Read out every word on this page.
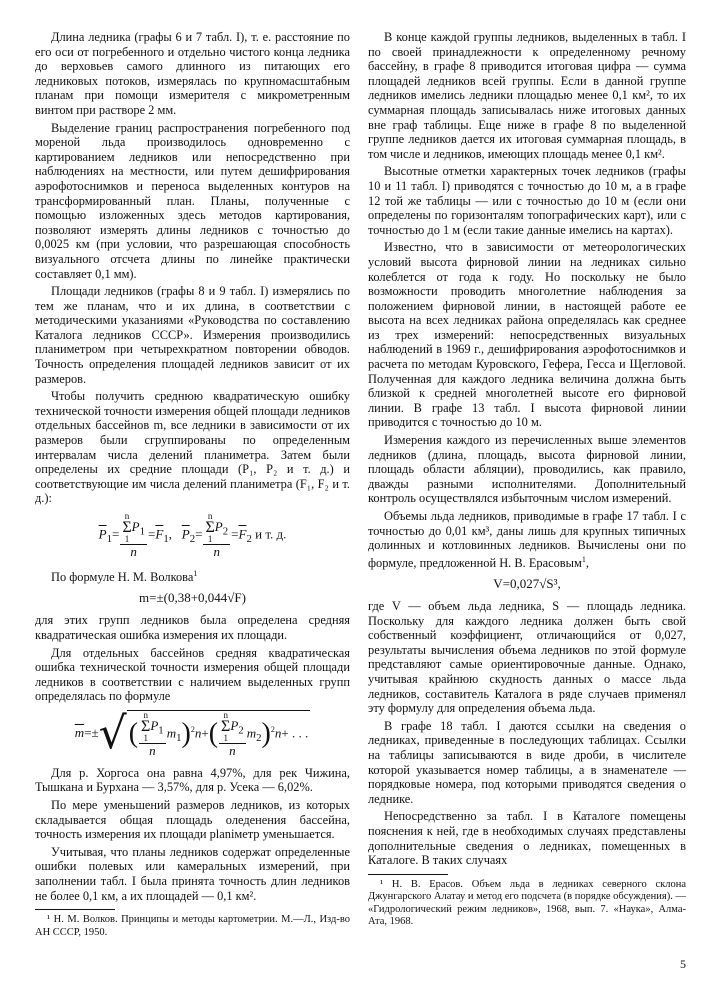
Длина ледника (графы 6 и 7 табл. I), т. е. расстояние по его оси от погребенного и отдельно чистого конца ледника до верховьев самого длинного из питающих его ледниковых потоков, измерялась по крупномасштабным планам при помощи измерителя с микрометренным винтом при растворе 2 мм.

Выделение границ распространения погребенного под мореной льда производилось одновременно с картированием ледников или непосредственно при наблюдениях на местности, или путем дешифрирования аэрофотоснимков и переноса выделенных контуров на трансформированный план. Планы, полученные с помощью изложенных здесь методов картирования, позволяют измерять длины ледников с точностью до 0,0025 км (при условии, что разрешающая способность визуального отсчета длины по линейке практически составляет 0,1 мм).

Площади ледников (графы 8 и 9 табл. I) измерялись по тем же планам, что и их длина, в соответствии с методическими указаниями «Руководства по составлению Каталога ледников СССР». Измерения производились планиметром при четырехкратном повторении обводов. Точность определения площадей ледников зависит от их размеров.

Чтобы получить среднюю квадратическую ошибку технической точности измерения общей площади ледников отдельных бассейнов m, все ледники в зависимости от их размеров были сгруппированы по определенным интервалам числа делений планиметра. Затем были определены их средние площади (P₁, P₂ и т. д.) и соответствующие им числа делений планиметра (F₁, F₂ и т. д.):

$\overline{P}_1= n$
Σ
$1P_1$
$n =\overline{F}_1$,   $\overline{P}_2= n$
Σ
$1P_2$
$n =\overline{F}_2$ и т. д.

По формуле Н. М. Волкова$^1$

m=±(0,38+0,044√F)

для этих групп ледников была определена средняя квадратическая ошибка измерения их площади.

Для отдельных бассейнов средняя квадратическая ошибка технической точности измерения общей площади ледников в соответствии с наличием выделенных групп определялась по формуле

$\overline{m}=\pm√$( n
Σ
$1P_1$
n $m_1)^2n+$( n
Σ
$1P_2$
n $m_2)^2n+$ . . .

Для р. Хоргоса она равна 4,97%, для рек Чижина, Тышкана и Бурхана — 3,57%, для р. Усека — 6,02%.

По мере уменьшений размеров ледников, из которых складывается общая площадь оледенения бассейна, точность измерения их площади planiметр уменьшается.

Учитывая, что планы ледников содержат определенные ошибки полевых или камеральных измерений, при заполнении табл. I была принята точность длин ледников не более 0,1 км, а их площадей — 0,1 км².

¹ Н. М. Волков. Принципы и методы картометрии. М.—Л., Изд-во АН СССР, 1950.

В конце каждой группы ледников, выделенных в табл. I по своей принадлежности к определенному речному бассейну, в графе 8 приводится итоговая цифра — сумма площадей ледников всей группы. Если в данной группе ледников имелись ледники площадью менее 0,1 км², то их суммарная площадь записывалась ниже итоговых данных вне граф таблицы. Еще ниже в графе 8 по выделенной группе ледников дается их итоговая суммарная площадь, в том числе и ледников, имеющих площадь менее 0,1 км².

Высотные отметки характерных точек ледников (графы 10 и 11 табл. I) приводятся с точностью до 10 м, а в графе 12 той же таблицы — или с точностью до 10 м (если они определены по горизонталям топографических карт), или с точностью до 1 м (если такие данные имелись на картах).

Известно, что в зависимости от метеорологических условий высота фирновой линии на ледниках сильно колеблется от года к году. Но поскольку не было возможности проводить многолетние наблюдения за положением фирновой линии, в настоящей работе ее высота на всех ледниках района определялась как среднее из трех измерений: непосредственных визуальных наблюдений в 1969 г., дешифрирования аэрофотоснимков и расчета по методам Куровского, Гефера, Гесса и Щегловой. Полученная для каждого ледника величина должна быть близкой к средней многолетней высоте его фирновой линии. В графе 13 табл. I высота фирновой линии приводится с точностью до 10 м.

Измерения каждого из перечисленных выше элементов ледников (длина, площадь, высота фирновой линии, площадь области абляции), проводились, как правило, дважды разными исполнителями. Дополнительный контроль осуществлялся избыточным числом измерений.

Объемы льда ледников, приводимые в графе 17 табл. I с точностью до 0,01 км³, даны лишь для крупных типичных долинных и котловинных ледников. Вычислены они по формуле, предложенной Н. В. Ерасовым$^1$,

V=0,027√S³,

где V — объем льда ледника, S — площадь ледника. Поскольку для каждого ледника должен быть свой собственный коэффициент, отличающийся от 0,027, результаты вычисления объема ледников по этой формуле представляют самые ориентировочные данные. Однако, учитывая крайнюю скудность данных о массе льда ледников, составитель Каталога в ряде случаев применял эту формулу для определения объема льда.

В графе 18 табл. I даются ссылки на сведения о ледниках, приведенные в последующих таблицах. Ссылки на таблицы записываются в виде дроби, в числителе которой указывается номер таблицы, а в знаменателе — порядковые номера, под которыми приводятся сведения о леднике.

Непосредственно за табл. I в Каталоге помещены пояснения к ней, где в необходимых случаях представлены дополнительные сведения о ледниках, помещенных в Каталоге. В таких случаях

¹ Н. В. Ерасов. Объем льда в ледниках северного склона Джунгарского Алатау и метод его подсчета (в порядке обсуждения). — «Гидрологический режим ледников», 1968, вып. 7. «Наука», Алма-Ата, 1968.

5
